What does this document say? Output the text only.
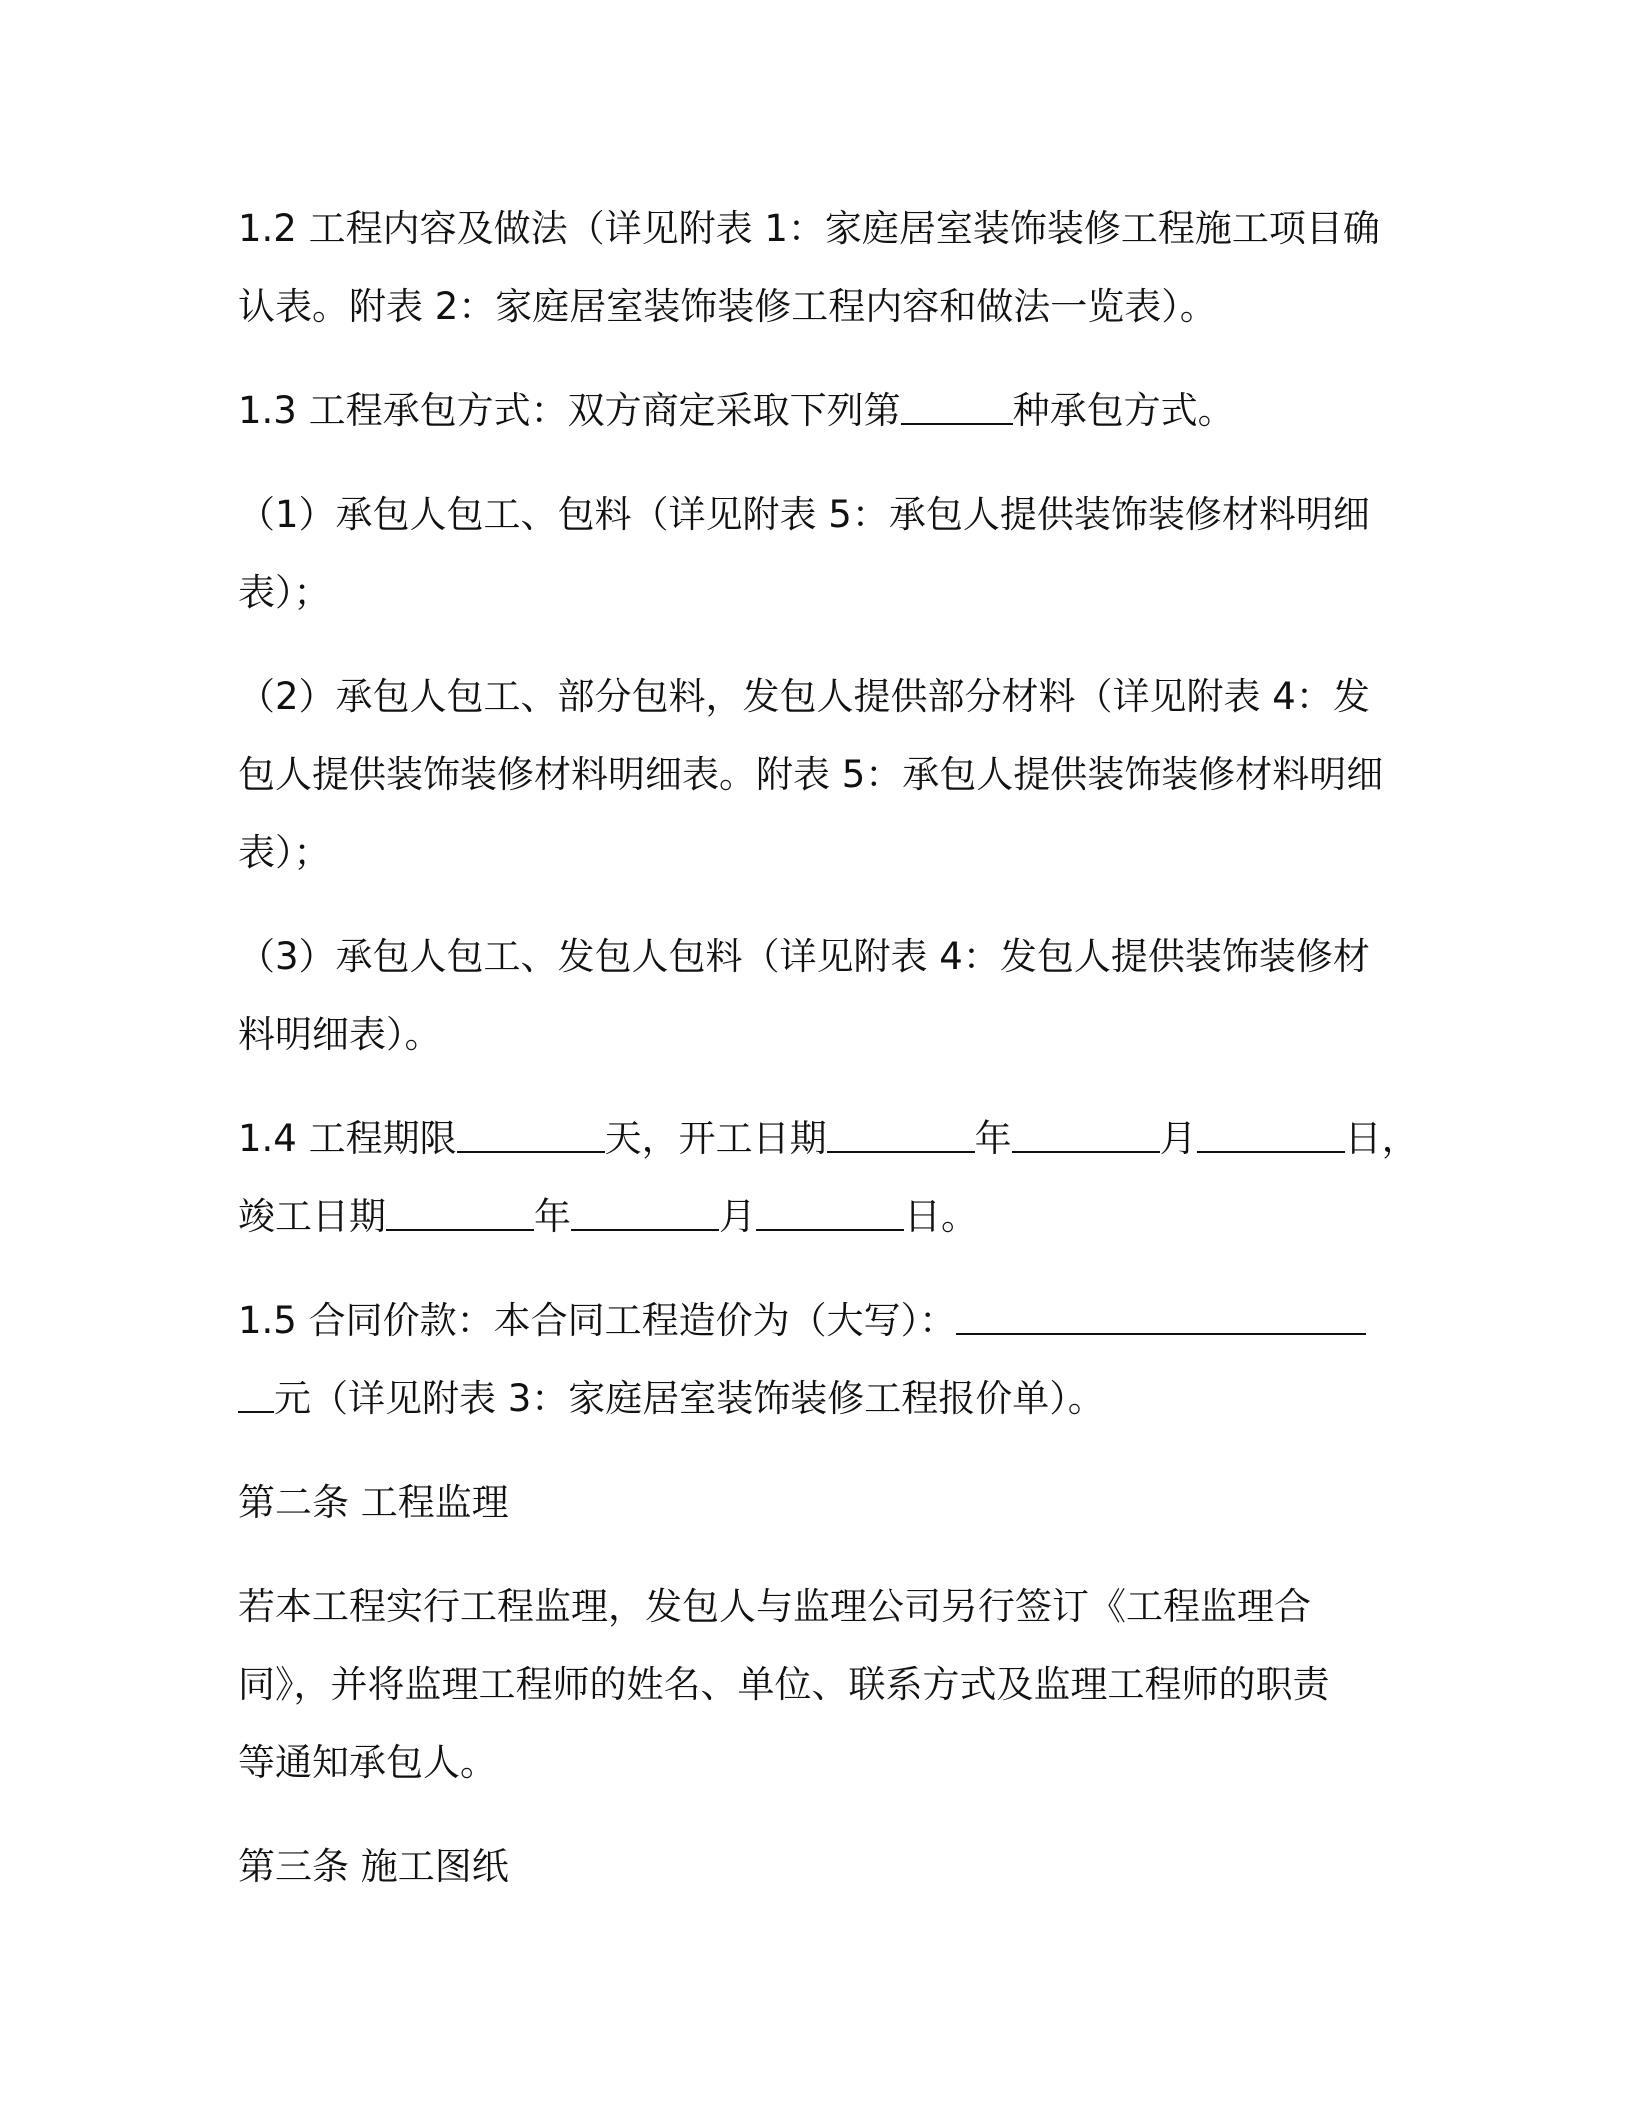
1.2 工程内容及做法（详见附表 1：家庭居室装饰装修工程施工项目确
认表。附表 2：家庭居室装饰装修工程内容和做法一览表）。
1.3 工程承包方式：双方商定采取下列第	种承包方式。
（1）承包人包工、包料（详见附表 5：承包人提供装饰装修材料明细
表）；
（2）承包人包工、部分包料，发包人提供部分材料（详见附表 4：发
包人提供装饰装修材料明细表。附表 5：承包人提供装饰装修材料明细
表）；
（3）承包人包工、发包人包料（详见附表 4：发包人提供装饰装修材
料明细表）。
1.4 工程期限	天，开工日期	年	月	日，
竣工日期	年	月	日。
1.5 合同价款：本合同工程造价为（大写）：
元（详见附表 3：家庭居室装饰装修工程报价单）。
第二条 工程监理
若本工程实行工程监理，发包人与监理公司另行签订《工程监理合
同》，并将监理工程师的姓名、单位、联系方式及监理工程师的职责
等通知承包人。
第三条 施工图纸
